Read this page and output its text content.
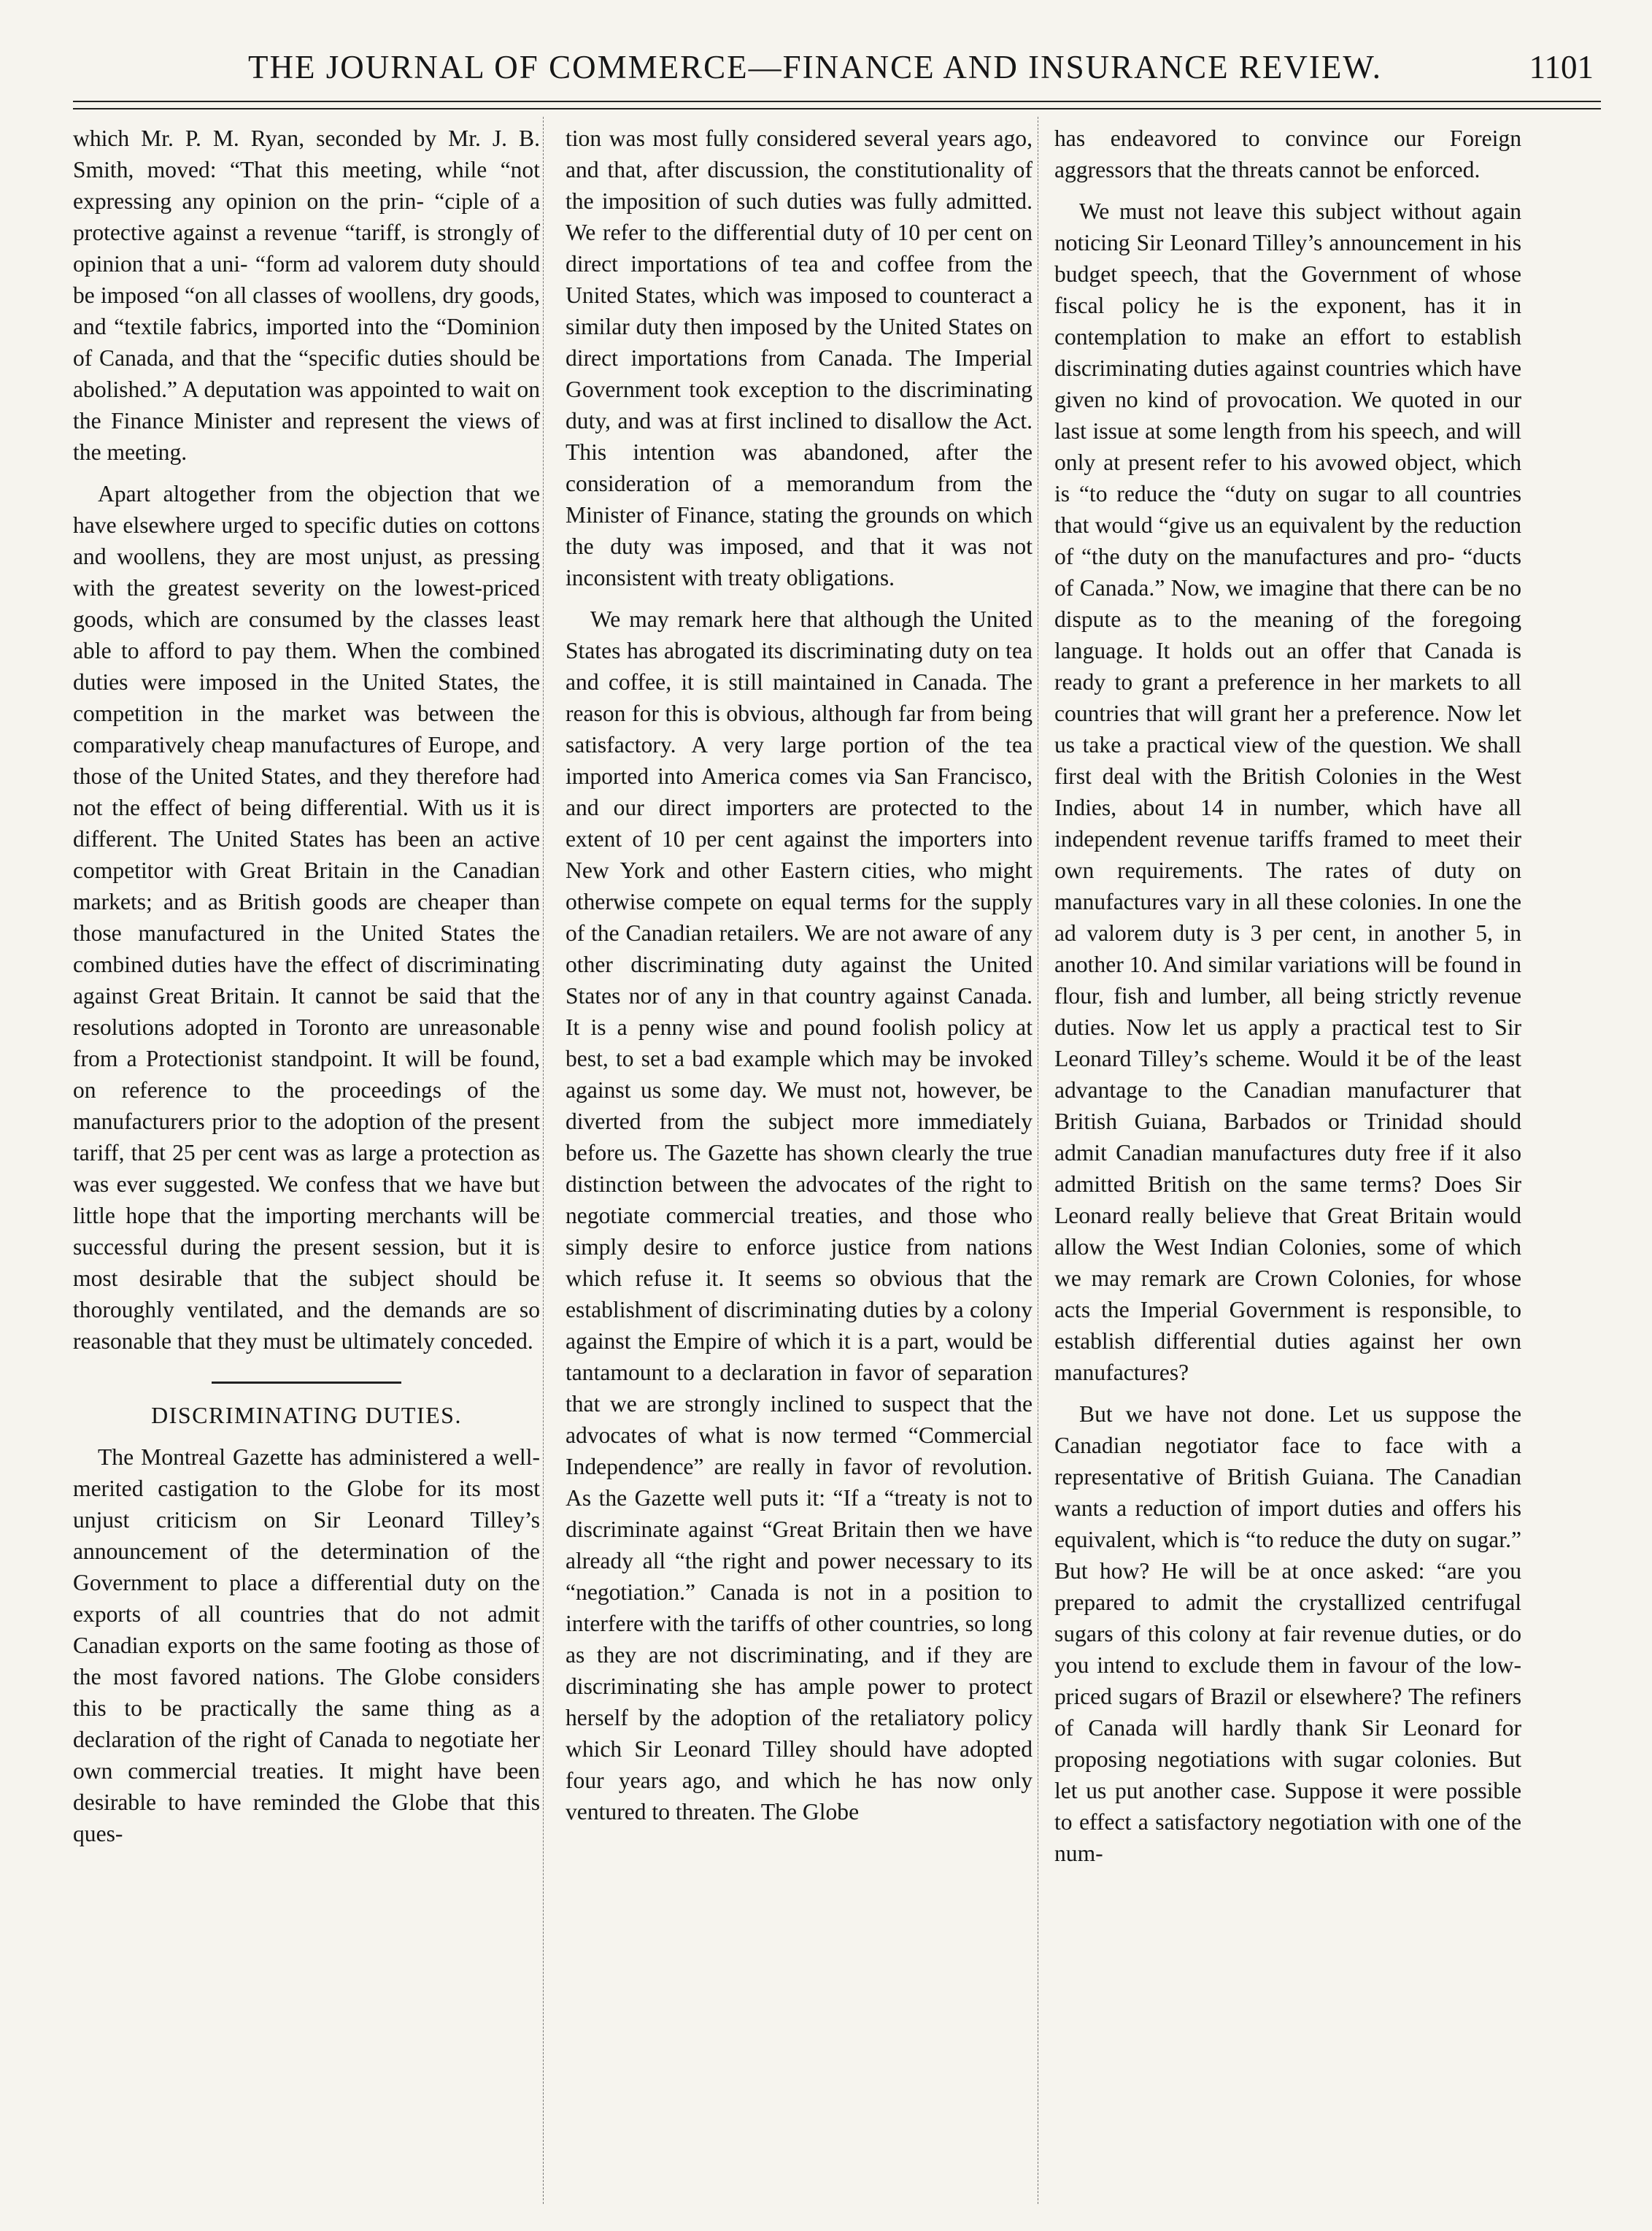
THE JOURNAL OF COMMERCE—FINANCE AND INSURANCE REVIEW.	1101

which Mr. P. M. Ryan, seconded by Mr. J. B. Smith, moved: “That this meeting, while “not expressing any opinion on the prin- “ciple of a protective against a revenue “tariff, is strongly of opinion that a uni- “form ad valorem duty should be imposed “on all classes of woollens, dry goods, and “textile fabrics, imported into the “Dominion of Canada, and that the “specific duties should be abolished.” A deputation was appointed to wait on the Finance Minister and represent the views of the meeting.

Apart altogether from the objection that we have elsewhere urged to specific duties on cottons and woollens, they are most unjust, as pressing with the greatest severity on the lowest-priced goods, which are consumed by the classes least able to afford to pay them. When the combined duties were imposed in the United States, the competition in the market was between the comparatively cheap manufactures of Europe, and those of the United States, and they therefore had not the effect of being differential. With us it is different. The United States has been an active competitor with Great Britain in the Canadian markets; and as British goods are cheaper than those manufactured in the United States the combined duties have the effect of discriminating against Great Britain. It cannot be said that the resolutions adopted in Toronto are unreasonable from a Protectionist standpoint. It will be found, on reference to the proceedings of the manufacturers prior to the adoption of the present tariff, that 25 per cent was as large a protection as was ever suggested. We confess that we have but little hope that the importing merchants will be successful during the present session, but it is most desirable that the subject should be thoroughly ventilated, and the demands are so reasonable that they must be ultimately conceded.

DISCRIMINATING DUTIES.

The Montreal Gazette has administered a well-merited castigation to the Globe for its most unjust criticism on Sir Leonard Tilley’s announcement of the determination of the Government to place a differential duty on the exports of all countries that do not admit Canadian exports on the same footing as those of the most favored nations. The Globe considers this to be practically the same thing as a declaration of the right of Canada to negotiate her own commercial treaties. It might have been desirable to have reminded the Globe that this ques-

tion was most fully considered several years ago, and that, after discussion, the constitutionality of the imposition of such duties was fully admitted. We refer to the differential duty of 10 per cent on direct importations of tea and coffee from the United States, which was imposed to counteract a similar duty then imposed by the United States on direct importations from Canada. The Imperial Government took exception to the discriminating duty, and was at first inclined to disallow the Act. This intention was abandoned, after the consideration of a memorandum from the Minister of Finance, stating the grounds on which the duty was imposed, and that it was not inconsistent with treaty obligations.

We may remark here that although the United States has abrogated its discriminating duty on tea and coffee, it is still maintained in Canada. The reason for this is obvious, although far from being satisfactory. A very large portion of the tea imported into America comes via San Francisco, and our direct importers are protected to the extent of 10 per cent against the importers into New York and other Eastern cities, who might otherwise compete on equal terms for the supply of the Canadian retailers. We are not aware of any other discriminating duty against the United States nor of any in that country against Canada. It is a penny wise and pound foolish policy at best, to set a bad example which may be invoked against us some day. We must not, however, be diverted from the subject more immediately before us. The Gazette has shown clearly the true distinction between the advocates of the right to negotiate commercial treaties, and those who simply desire to enforce justice from nations which refuse it. It seems so obvious that the establishment of discriminating duties by a colony against the Empire of which it is a part, would be tantamount to a declaration in favor of separation that we are strongly inclined to suspect that the advocates of what is now termed “Commercial Independence” are really in favor of revolution. As the Gazette well puts it: “If a “treaty is not to discriminate against “Great Britain then we have already all “the right and power necessary to its “negotiation.” Canada is not in a position to interfere with the tariffs of other countries, so long as they are not discriminating, and if they are discriminating she has ample power to protect herself by the adoption of the retaliatory policy which Sir Leonard Tilley should have adopted four years ago, and which he has now only ventured to threaten. The Globe

has endeavored to convince our Foreign aggressors that the threats cannot be enforced.

We must not leave this subject without again noticing Sir Leonard Tilley’s announcement in his budget speech, that the Government of whose fiscal policy he is the exponent, has it in contemplation to make an effort to establish discriminating duties against countries which have given no kind of provocation. We quoted in our last issue at some length from his speech, and will only at present refer to his avowed object, which is “to reduce the “duty on sugar to all countries that would “give us an equivalent by the reduction of “the duty on the manufactures and pro- “ducts of Canada.” Now, we imagine that there can be no dispute as to the meaning of the foregoing language. It holds out an offer that Canada is ready to grant a preference in her markets to all countries that will grant her a preference. Now let us take a practical view of the question. We shall first deal with the British Colonies in the West Indies, about 14 in number, which have all independent revenue tariffs framed to meet their own requirements. The rates of duty on manufactures vary in all these colonies. In one the ad valorem duty is 3 per cent, in another 5, in another 10. And similar variations will be found in flour, fish and lumber, all being strictly revenue duties. Now let us apply a practical test to Sir Leonard Tilley’s scheme. Would it be of the least advantage to the Canadian manufacturer that British Guiana, Barbados or Trinidad should admit Canadian manufactures duty free if it also admitted British on the same terms? Does Sir Leonard really believe that Great Britain would allow the West Indian Colonies, some of which we may remark are Crown Colonies, for whose acts the Imperial Government is responsible, to establish differential duties against her own manufactures?

But we have not done. Let us suppose the Canadian negotiator face to face with a representative of British Guiana. The Canadian wants a reduction of import duties and offers his equivalent, which is “to reduce the duty on sugar.” But how? He will be at once asked: “are you prepared to admit the crystallized centrifugal sugars of this colony at fair revenue duties, or do you intend to exclude them in favour of the low-priced sugars of Brazil or elsewhere? The refiners of Canada will hardly thank Sir Leonard for proposing negotiations with sugar colonies. But let us put another case. Suppose it were possible to effect a satisfactory negotiation with one of the num-
